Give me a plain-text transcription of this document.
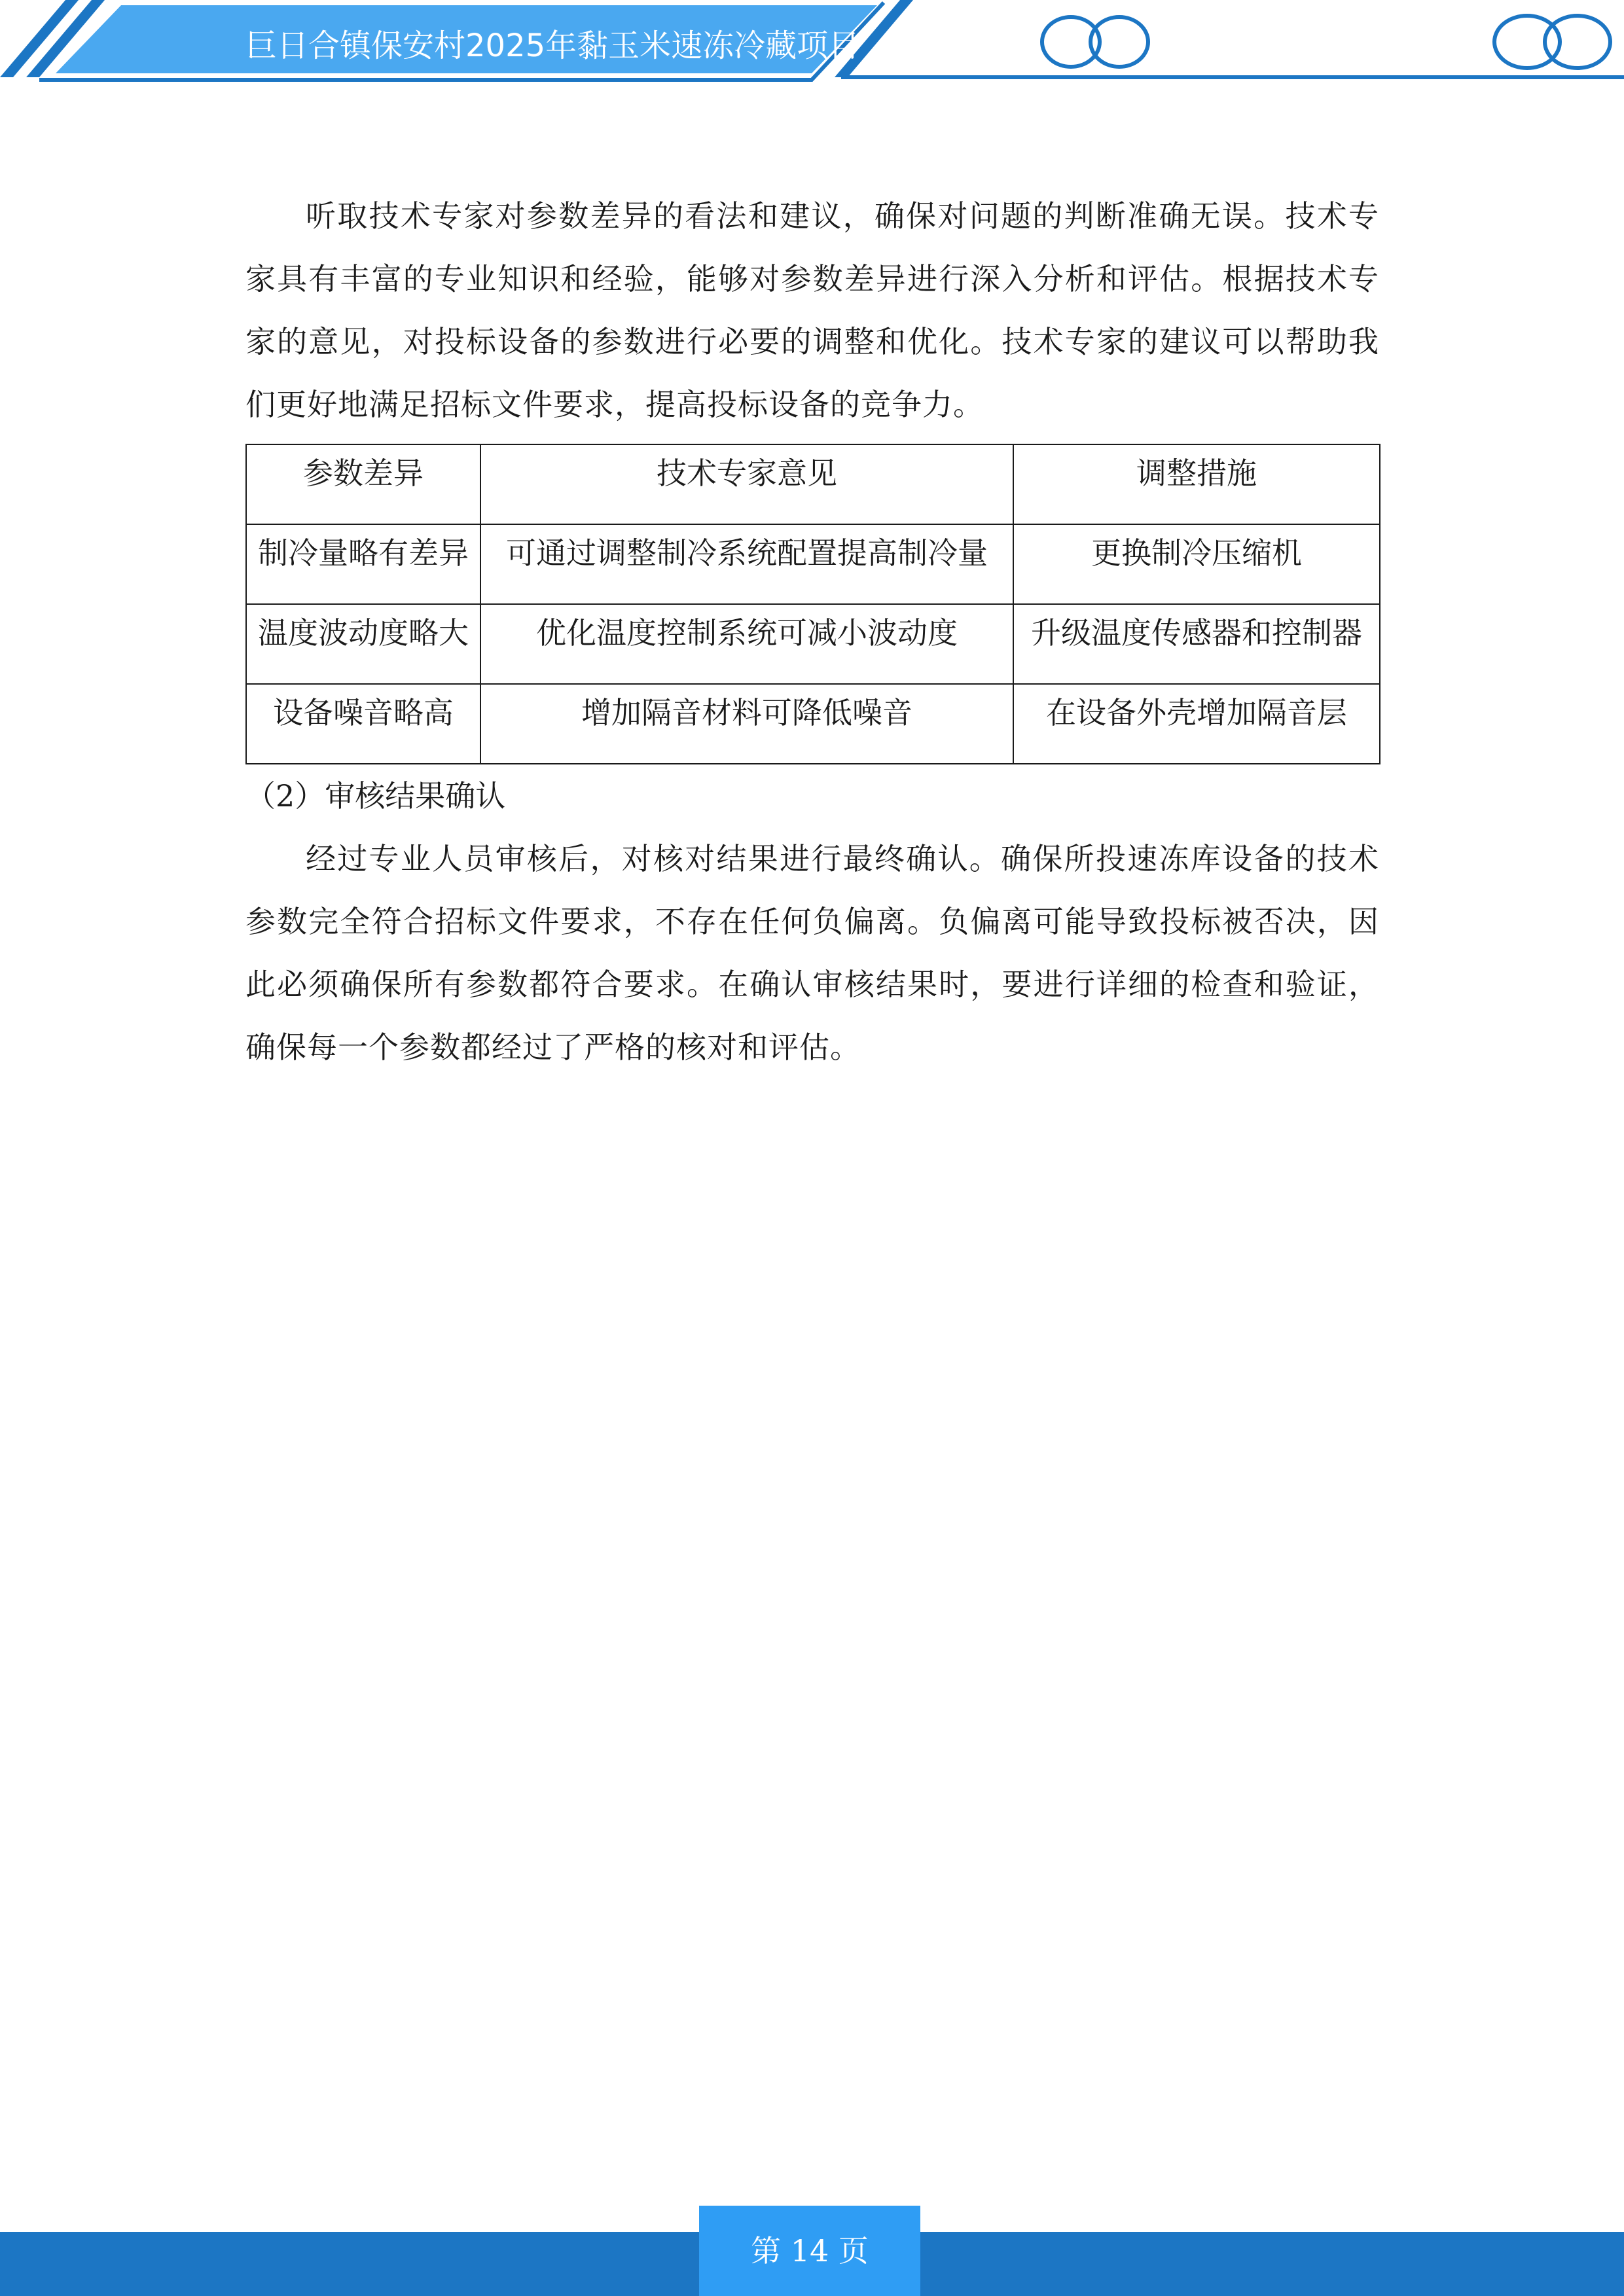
巨日合镇保安村2025年黏玉米速冻冷藏项目

听取技术专家对参数差异的看法和建议，确保对问题的判断准确无误。技术专家具有丰富的专业知识和经验，能够对参数差异进行深入分析和评估。根据技术专家的意见，对投标设备的参数进行必要的调整和优化。技术专家的建议可以帮助我们更好地满足招标文件要求，提高投标设备的竞争力。

参数差异	技术专家意见	调整措施
制冷量略有差异	可通过调整制冷系统配置提高制冷量	更换制冷压缩机
温度波动度略大	优化温度控制系统可减小波动度	升级温度传感器和控制器
设备噪音略高	增加隔音材料可降低噪音	在设备外壳增加隔音层

（2）审核结果确认

经过专业人员审核后，对核对结果进行最终确认。确保所投速冻库设备的技术参数完全符合招标文件要求，不存在任何负偏离。负偏离可能导致投标被否决，因此必须确保所有参数都符合要求。在确认审核结果时，要进行详细的检查和验证，确保每一个参数都经过了严格的核对和评估。

第 14 页
